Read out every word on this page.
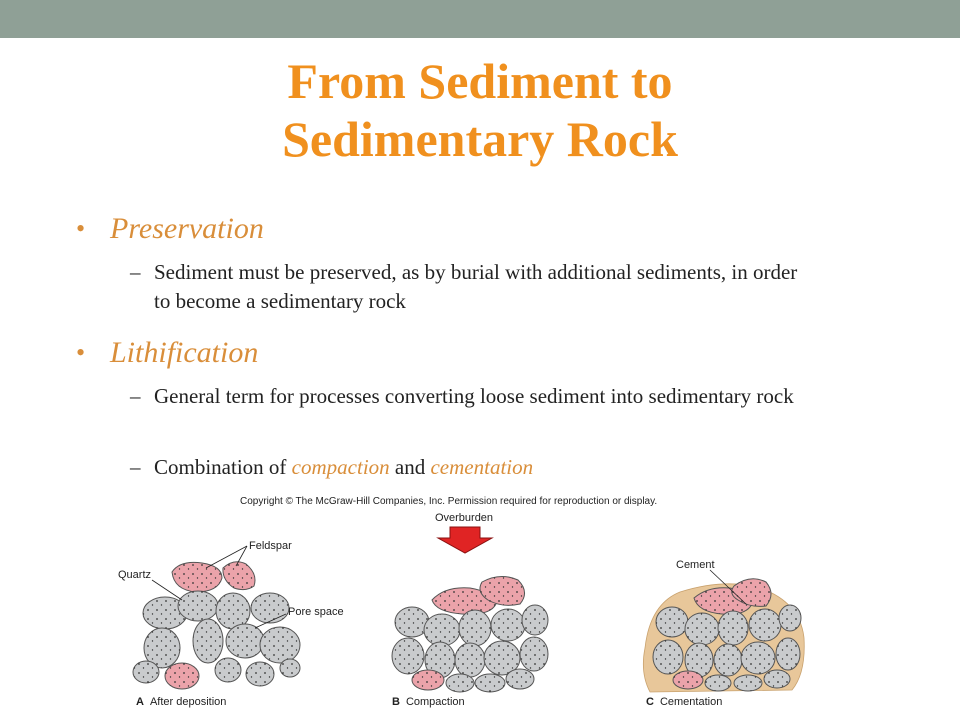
From Sediment to
Sedimentary Rock
• Preservation
– Sediment must be preserved, as by burial with additional sediments, in order to become a sedimentary rock
• Lithification
– General term for processes converting loose sediment into sedimentary rock
– Combination of compaction and cementation
Copyright © The McGraw-Hill Companies, Inc. Permission required for reproduction or display.
Overburden
Feldspar
Quartz
Pore space
A After deposition	B Compaction
Cement
C Cementation
